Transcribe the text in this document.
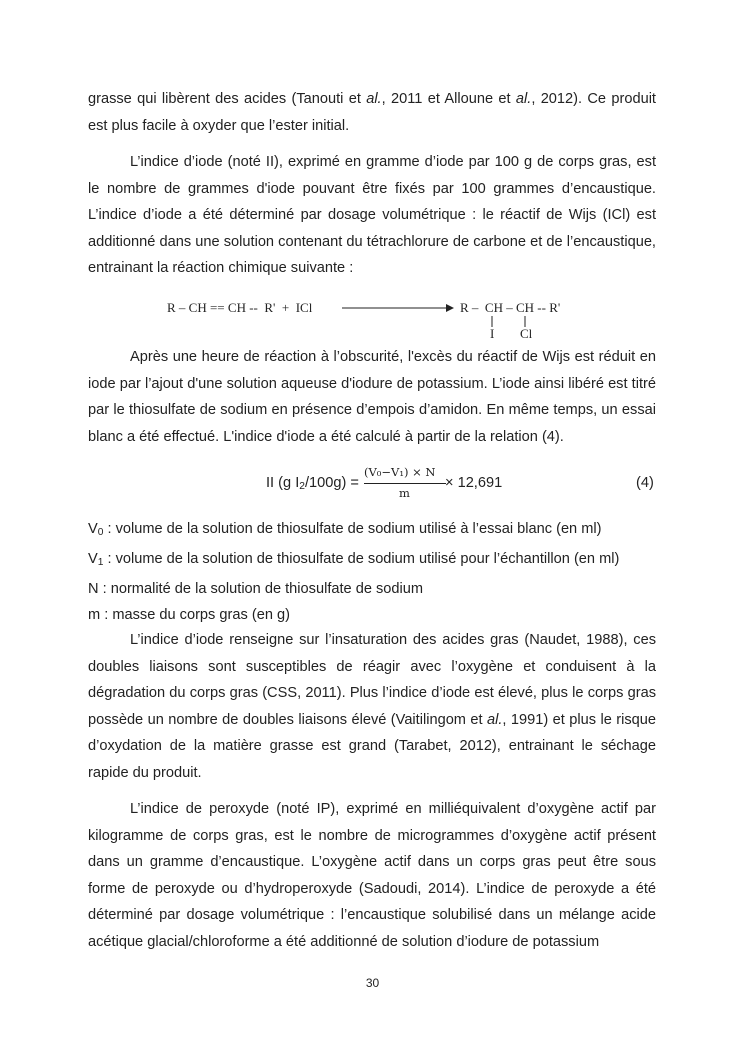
grasse qui libèrent des acides (Tanouti et al., 2011 et Alloune et al., 2012). Ce produit est plus facile à oxyder que l’ester initial.

L’indice d’iode (noté II), exprimé en gramme d’iode par 100 g de corps gras, est le nombre de grammes d'iode pouvant être fixés par 100 grammes d’encaustique. L’indice d’iode a été déterminé par dosage volumétrique : le réactif de Wijs (ICl) est additionné dans une solution contenant du tétrachlorure de carbone et de l’encaustique, entrainant la réaction chimique suivante :

R – CH == CH --  R'  +  ICl	R –  CH – CH -- R'
I Cl

Après une heure de réaction à l’obscurité, l'excès du réactif de Wijs est réduit en iode par l’ajout d'une solution aqueuse d'iodure de potassium. L’iode ainsi libéré est titré par le thiosulfate de sodium en présence d’empois d’amidon. En même temps, un essai blanc a été effectué. L'indice d'iode a été calculé à partir de la relation (4).

II (g $I_2/100g$) =
(V₀−V₁) × N
m
× 12,691	(4)
$V_0$ : volume de la solution de thiosulfate de sodium utilisé à l’essai blanc (en ml)
$V_1$ : volume de la solution de thiosulfate de sodium utilisé pour l’échantillon (en ml)
N : normalité de la solution de thiosulfate de sodium
m : masse du corps gras (en g)

L’indice d’iode renseigne sur l’insaturation des acides gras (Naudet, 1988), ces doubles liaisons sont susceptibles de réagir avec l’oxygène et conduisent à la dégradation du corps gras (CSS, 2011). Plus l’indice d’iode est élevé, plus le corps gras possède un nombre de doubles liaisons élevé (Vaitilingom et al., 1991) et plus le risque d’oxydation de la matière grasse est grand (Tarabet, 2012), entrainant le séchage rapide du produit.

L’indice de peroxyde (noté IP), exprimé en milliéquivalent d’oxygène actif par kilogramme de corps gras, est le nombre de microgrammes d’oxygène actif présent dans un gramme d’encaustique. L’oxygène actif dans un corps gras peut être sous forme de peroxyde ou d’hydroperoxyde (Sadoudi, 2014). L’indice de peroxyde a été déterminé par dosage volumétrique : l’encaustique solubilisé dans un mélange acide acétique glacial/chloroforme a été additionné de solution d’iodure de potassium

30
